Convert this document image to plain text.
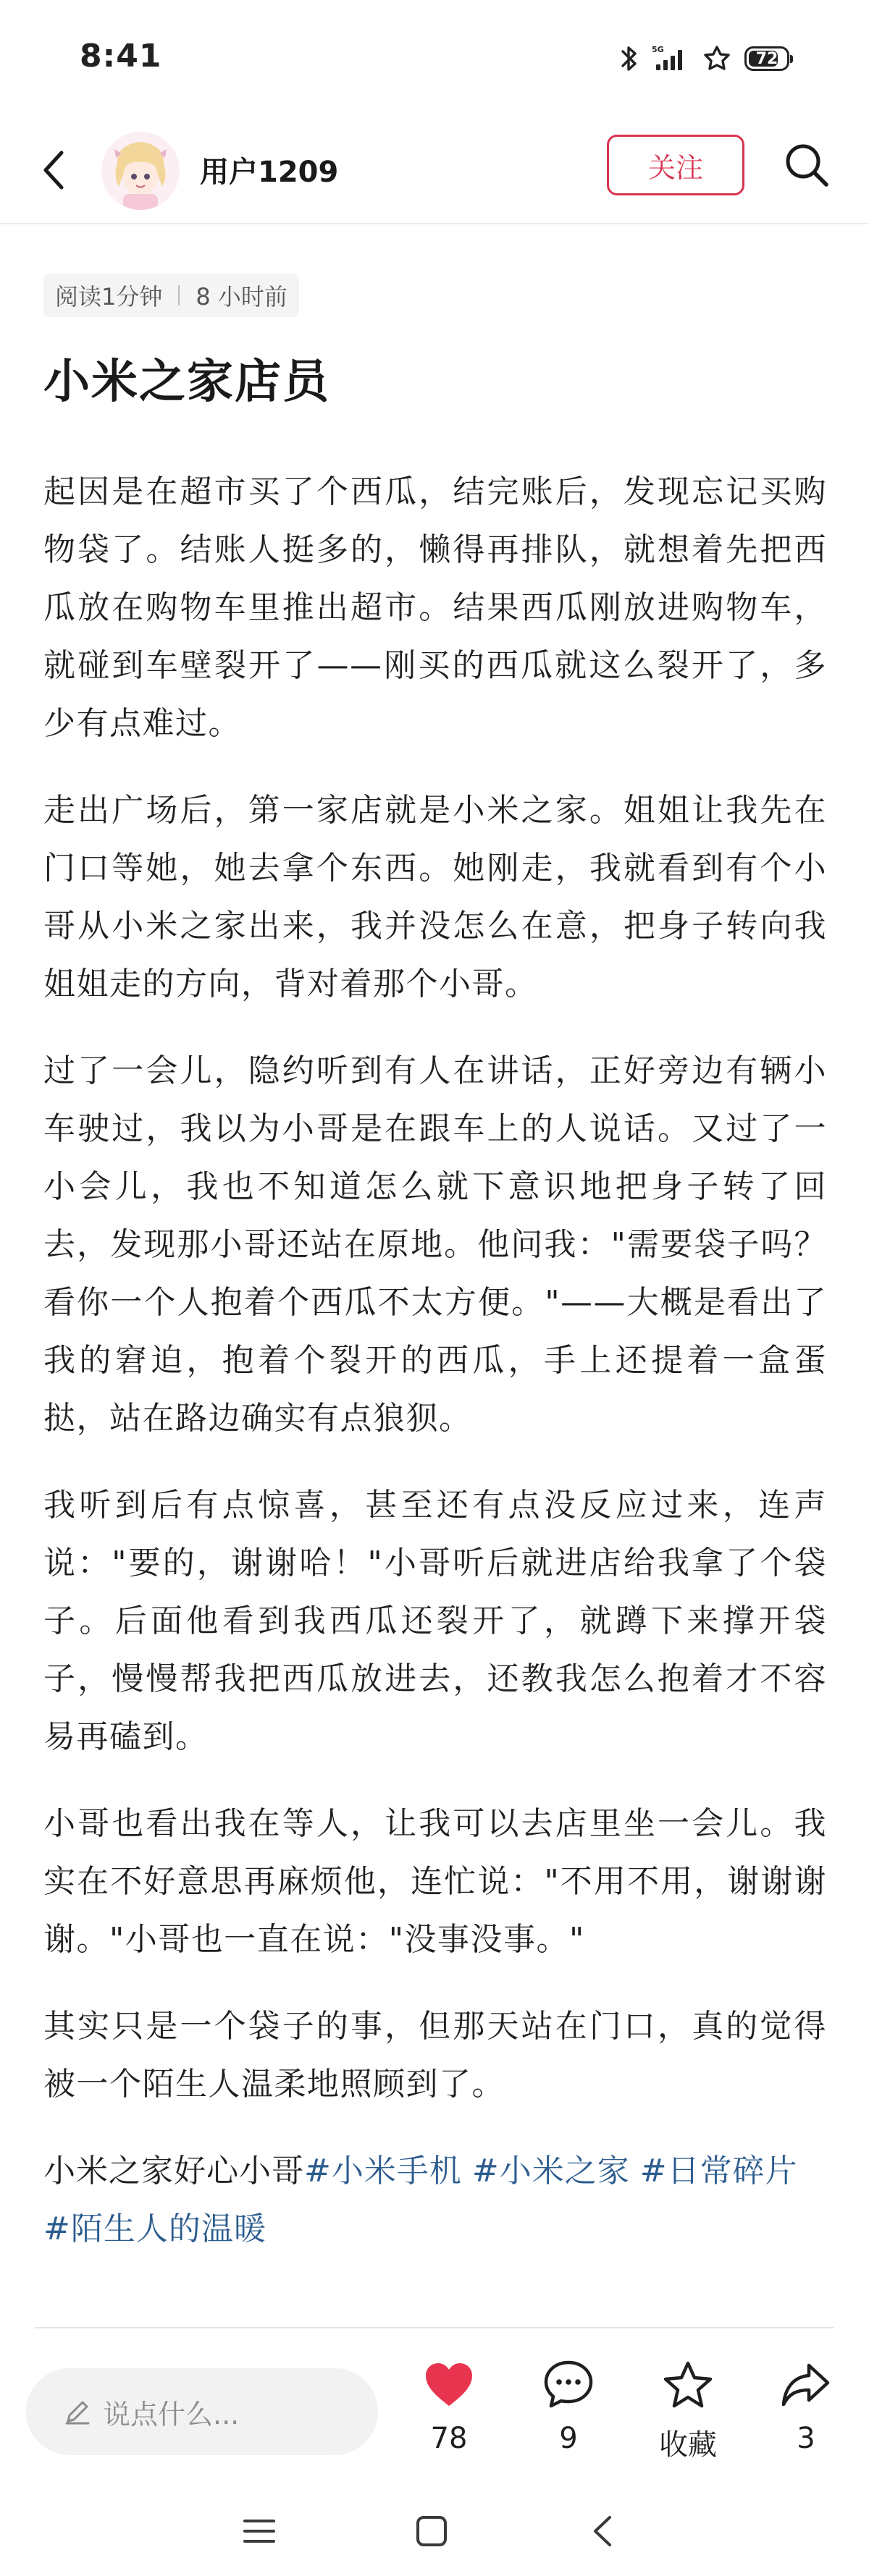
8:41	5G	72
用户1209	关注
阅读1分钟 8 小时前
小米之家店员

起因是在超市买了个西瓜，结完账后，发现忘记买购物袋了。结账人挺多的，懒得再排队，就想着先把西瓜放在购物车里推出超市。结果西瓜刚放进购物车，就碰到车壁裂开了——刚买的西瓜就这么裂开了，多少有点难过。

走出广场后，第一家店就是小米之家。姐姐让我先在门口等她，她去拿个东西。她刚走，我就看到有个小哥从小米之家出来，我并没怎么在意，把身子转向我姐姐走的方向，背对着那个小哥。

过了一会儿，隐约听到有人在讲话，正好旁边有辆小车驶过，我以为小哥是在跟车上的人说话。又过了一小会儿，我也不知道怎么就下意识地把身子转了回去，发现那小哥还站在原地。他问我："需要袋子吗？看你一个人抱着个西瓜不太方便。"——大概是看出了我的窘迫，抱着个裂开的西瓜，手上还提着一盒蛋挞，站在路边确实有点狼狈。

我听到后有点惊喜，甚至还有点没反应过来，连声说："要的，谢谢哈！"小哥听后就进店给我拿了个袋子。后面他看到我西瓜还裂开了，就蹲下来撑开袋子，慢慢帮我把西瓜放进去，还教我怎么抱着才不容易再磕到。

小哥也看出我在等人，让我可以去店里坐一会儿。我实在不好意思再麻烦他，连忙说："不用不用，谢谢谢谢。"小哥也一直在说："没事没事。"

其实只是一个袋子的事，但那天站在门口，真的觉得被一个陌生人温柔地照顾到了。

小米之家好心小哥#小米手机 #小米之家 #日常碎片#陌生人的温暖

说点什么...
78	9	收藏	3
